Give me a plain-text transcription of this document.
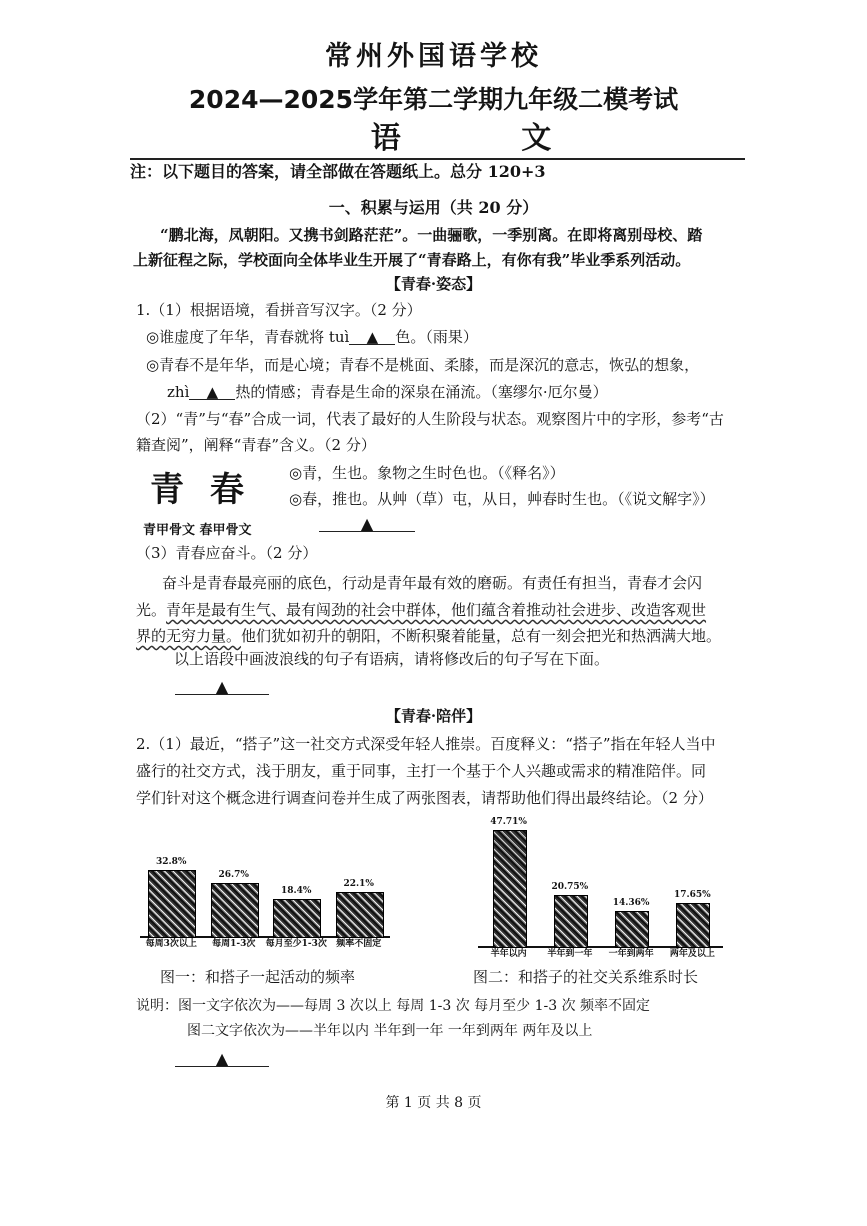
常州外国语学校
2024—2025学年第二学期九年级二模考试
语 文
注：以下题目的答案，请全部做在答题纸上。总分 120+3
一、积累与运用（共 20 分）
“鹏北海，凤朝阳。又携书剑路茫茫”。一曲骊歌，一季别离。在即将离别母校、踏
上新征程之际，学校面向全体毕业生开展了“青春路上，有你有我”毕业季系列活动。
【青春·姿态】
1.（1）根据语境，看拼音写汉字。（2 分）
◎谁虚度了年华，青春就将 tuì ▲ 色。（雨果）
◎青春不是年华，而是心境；青春不是桃面、柔膝，而是深沉的意志，恢弘的想象，
zhì ▲ 热的情感；青春是生命的深泉在涌流。（塞缪尔·厄尔曼）
（2）“青”与“春”合成一词，代表了最好的人生阶段与状态。观察图片中的字形，参考“古
籍查阅”，阐释“青春”含义。（2 分）
青 春	◎青，生也。象物之生时色也。（《释名》）
◎春，推也。从艸（草）屯，从日，艸春时生也。（《说文解字》）
青甲骨文 春甲骨文	▲
（3）青春应奋斗。（2 分）
奋斗是青春最亮丽的底色，行动是青年最有效的磨砺。有责任有担当，青春才会闪
光。青年是最有生气、最有闯劲的社会中群体，他们蕴含着推动社会进步、改造客观世
界的无穷力量。他们犹如初升的朝阳，不断积聚着能量，总有一刻会把光和热洒满大地。
以上语段中画波浪线的句子有语病，请将修改后的句子写在下面。
▲
【青春·陪伴】
2.（1）最近，“搭子”这一社交方式深受年轻人推崇。百度释义：“搭子”指在年轻人当中
盛行的社交方式，浅于朋友，重于同事，主打一个基于个人兴趣或需求的精准陪伴。同
学们针对这个概念进行调查问卷并生成了两张图表，请帮助他们得出最终结论。（2 分）
32.8%
每周3次以上
26.7%
每周1-3次
18.4%
每月至少1-3次
22.1%
频率不固定
47.71%
半年以内
20.75%
半年到一年
14.36%
一年到两年
17.65%
两年及以上
图一：和搭子一起活动的频率	图二：和搭子的社交关系维系时长
说明：图一文字依次为——每周 3 次以上 每周 1-3 次 每月至少 1-3 次 频率不固定
图二文字依次为——半年以内 半年到一年 一年到两年 两年及以上
▲
第 1 页 共 8 页
